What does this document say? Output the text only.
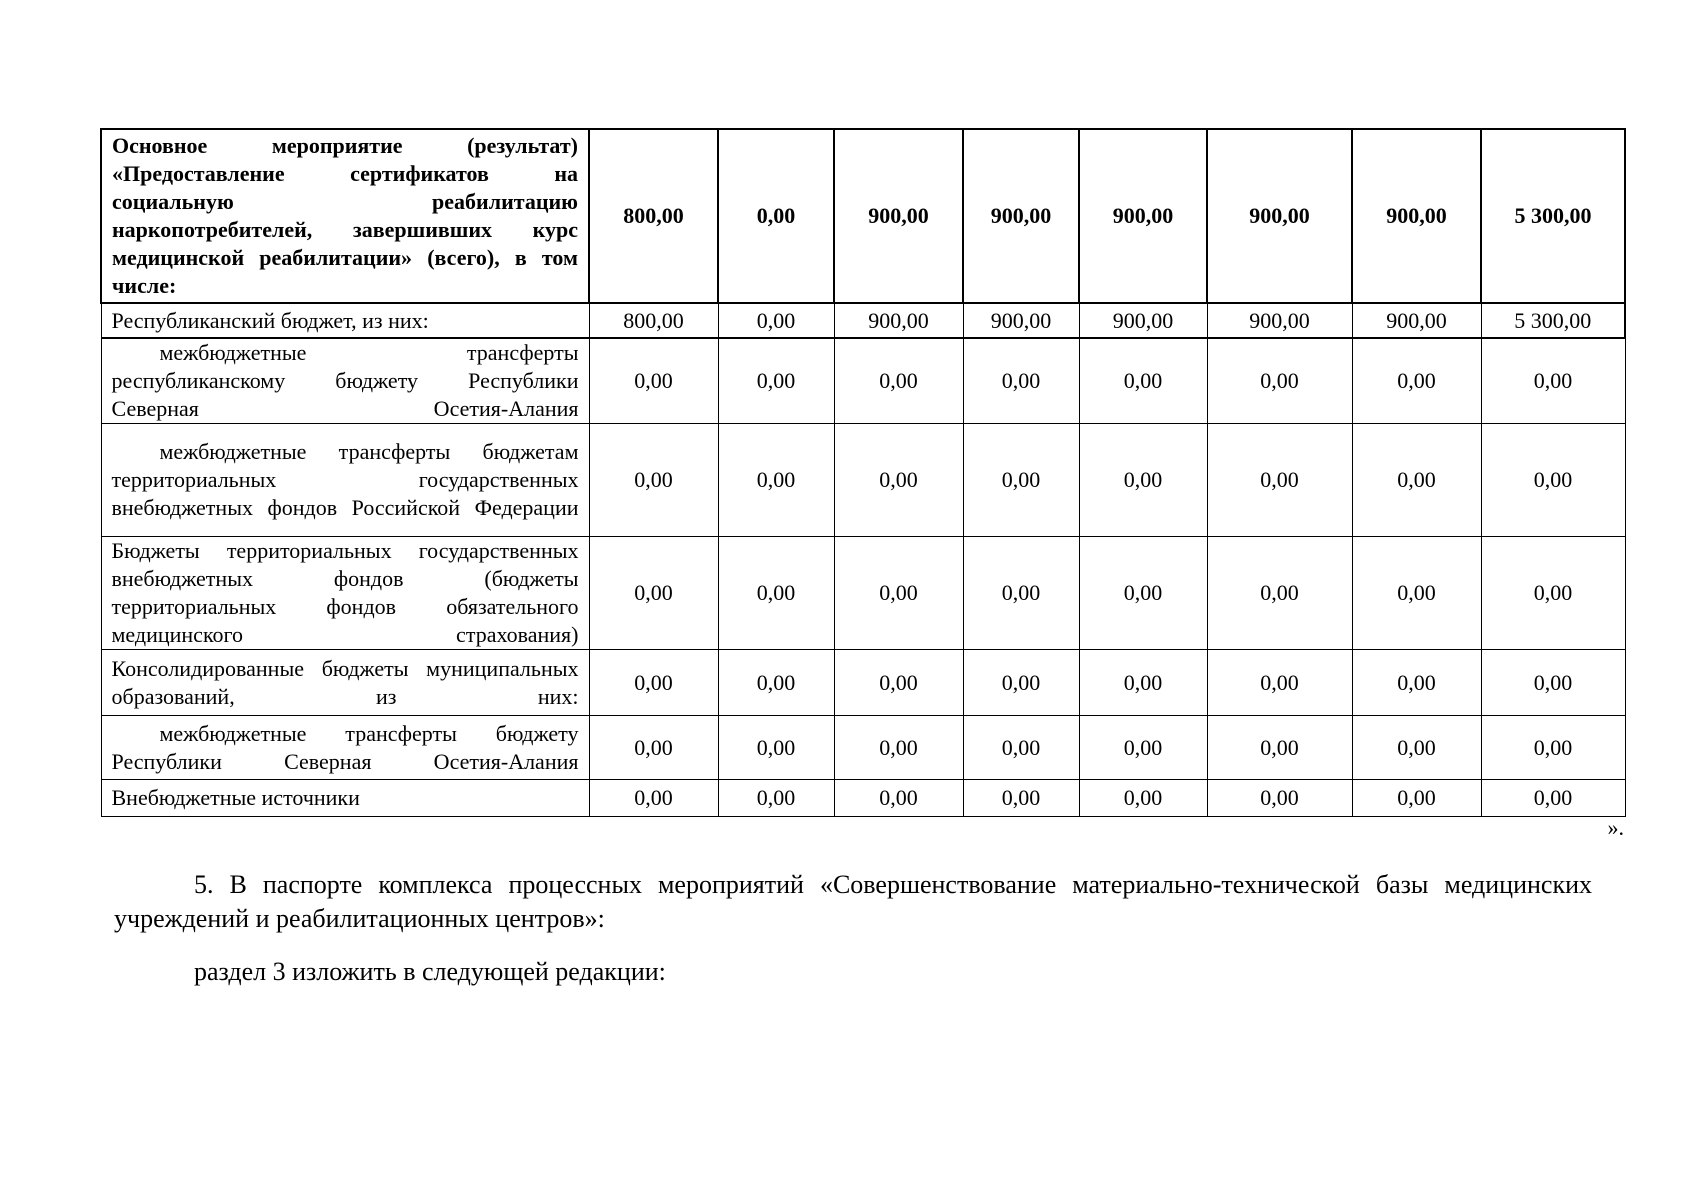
Основное мероприятие (результат) «Предоставление сертификатов на социальную реабилитацию наркопотребителей, завершивших курс медицинской реабилитации» (всего), в том числе:	800,00	0,00	900,00	900,00	900,00	900,00	900,00	5 300,00
Республиканский бюджет, из них:	800,00	0,00	900,00	900,00	900,00	900,00	900,00	5 300,00
межбюджетные трансферты республиканскому бюджету Республики Северная Осетия-Алания	0,00	0,00	0,00	0,00	0,00	0,00	0,00	0,00
межбюджетные трансферты бюджетам территориальных государственных внебюджетных фондов Российской Федерации	0,00	0,00	0,00	0,00	0,00	0,00	0,00	0,00
Бюджеты территориальных государственных внебюджетных фондов (бюджеты территориальных фондов обязательного медицинского страхования)	0,00	0,00	0,00	0,00	0,00	0,00	0,00	0,00
Консолидированные бюджеты муниципальных образований, из них:	0,00	0,00	0,00	0,00	0,00	0,00	0,00	0,00
межбюджетные трансферты бюджету Республики Северная Осетия-Алания	0,00	0,00	0,00	0,00	0,00	0,00	0,00	0,00
Внебюджетные источники	0,00	0,00	0,00	0,00	0,00	0,00	0,00	0,00
».

5. В паспорте комплекса процессных мероприятий «Совершенствование материально-технической базы медицинских учреждений и реабилитационных центров»:

раздел 3 изложить в следующей редакции:
